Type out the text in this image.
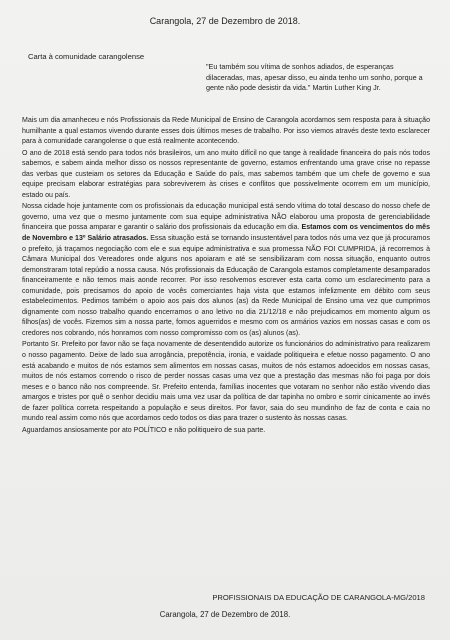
Carangola, 27 de Dezembro de 2018.
Carta à comunidade carangolense
"Eu também sou vítima de sonhos adiados, de esperanças dilaceradas, mas, apesar disso, eu ainda tenho um sonho, porque a gente não pode desistir da vida." Martin Luther King Jr.

Mais um dia amanheceu e nós Profissionais da Rede Municipal de Ensino de Carangola acordamos sem resposta para à situação humilhante a qual estamos vivendo durante esses dois últimos meses de trabalho. Por isso viemos através deste texto esclarecer para à comunidade carangolense o que está realmente acontecendo.

O ano de 2018 está sendo para todos nós brasileiros, um ano muito difícil no que tange à realidade financeira do país nós todos sabemos, e sabem ainda melhor disso os nossos representante de governo, estamos enfrentando uma grave crise no repasse das verbas que custeiam os setores da Educação e Saúde do país, mas sabemos também que um chefe de governo e sua equipe precisam elaborar estratégias para sobreviverem às crises e conflitos que possivelmente ocorrem em um município, estado ou país.

Nossa cidade hoje juntamente com os profissionais da educação municipal está sendo vítima do total descaso do nosso chefe de governo, uma vez que o mesmo juntamente com sua equipe administrativa NÃO elaborou uma proposta de gerenciabilidade financeira que possa amparar e garantir o salário dos profissionais da educação em dia. Estamos com os vencimentos do mês de Novembro e 13º Salário atrasados. Essa situação está se tornando insustentável para todos nós uma vez que já procuramos o prefeito, já traçamos negociação com ele e sua equipe administrativa e sua promessa NÃO FOI CUMPRIDA, já recorremos à Câmara Municipal dos Vereadores onde alguns nos apoiaram e até se sensibilizaram com nossa situação, enquanto outros demonstraram total repúdio a nossa causa. Nós profissionais da Educação de Carangola estamos completamente desamparados financeiramente e não temos mais aonde recorrer. Por isso resolvemos escrever esta carta como um esclarecimento para a comunidade, pois precisamos do apoio de vocês comerciantes haja vista que estamos infelizmente em débito com seus estabelecimentos. Pedimos também o apoio aos pais dos alunos (as) da Rede Municipal de Ensino uma vez que cumprimos dignamente com nosso trabalho quando encerramos o ano letivo no dia 21/12/18 e não prejudicamos em momento algum os filhos(as) de vocês. Fizemos sim a nossa parte, fomos aguerridos e mesmo com os armários vazios em nossas casas e com os credores nos cobrando, nós honramos com nosso compromisso com os (as) alunos (as).

Portanto Sr. Prefeito por favor não se faça novamente de desentendido autorize os funcionários do administrativo para realizarem o nosso pagamento. Deixe de lado sua arrogância, prepotência, ironia, e vaidade politiqueira e efetue nosso pagamento. O ano está acabando e muitos de nós estamos sem alimentos em nossas casas, muitos de nós estamos adoecidos em nossas casas, muitos de nós estamos correndo o risco de perder nossas casas uma vez que a prestação das mesmas não foi paga por dois meses e o banco não nos compreende. Sr. Prefeito entenda, famílias inocentes que votaram no senhor não estão vivendo dias amargos e tristes por quê o senhor decidiu mais uma vez usar da política de dar tapinha no ombro e sorrir cinicamente ao invés de fazer política correta respeitando a população e seus direitos. Por favor, saia do seu mundinho de faz de conta e caia no mundo real assim como nós que acordamos cedo todos os dias para trazer o sustento às nossas casas.

Aguardamos ansiosamente por ato POLÍTICO e não politiqueiro de sua parte.

PROFISSIONAIS DA EDUCAÇÃO DE CARANGOLA-MG/2018
Carangola, 27 de Dezembro de 2018.
